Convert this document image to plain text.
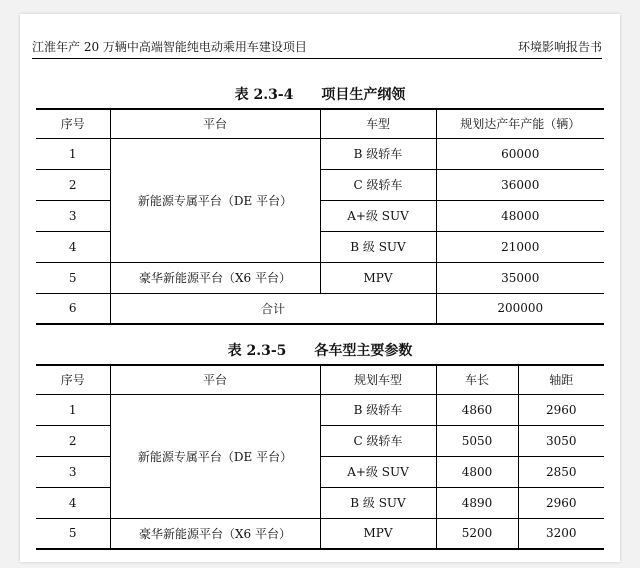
江淮年产 20 万辆中高端智能纯电动乘用车建设项目	环境影响报告书
表 2.3-4 项目生产纲领
序号	平台	车型	规划达产年产能（辆）
1	新能源专属平台（DE 平台）	B 级轿车	60000
2		C 级轿车	36000
3		A+级 SUV	48000
4		B 级 SUV	21000
5	豪华新能源平台（X6 平台）	MPV	35000
6	合计		200000
表 2.3-5 各车型主要参数
序号	平台	规划车型	车长	轴距
1	新能源专属平台（DE 平台）	B 级轿车	4860	2960
2		C 级轿车	5050	3050
3		A+级 SUV	4800	2850
4		B 级 SUV	4890	2960
5	豪华新能源平台（X6 平台）	MPV	5200	3200
